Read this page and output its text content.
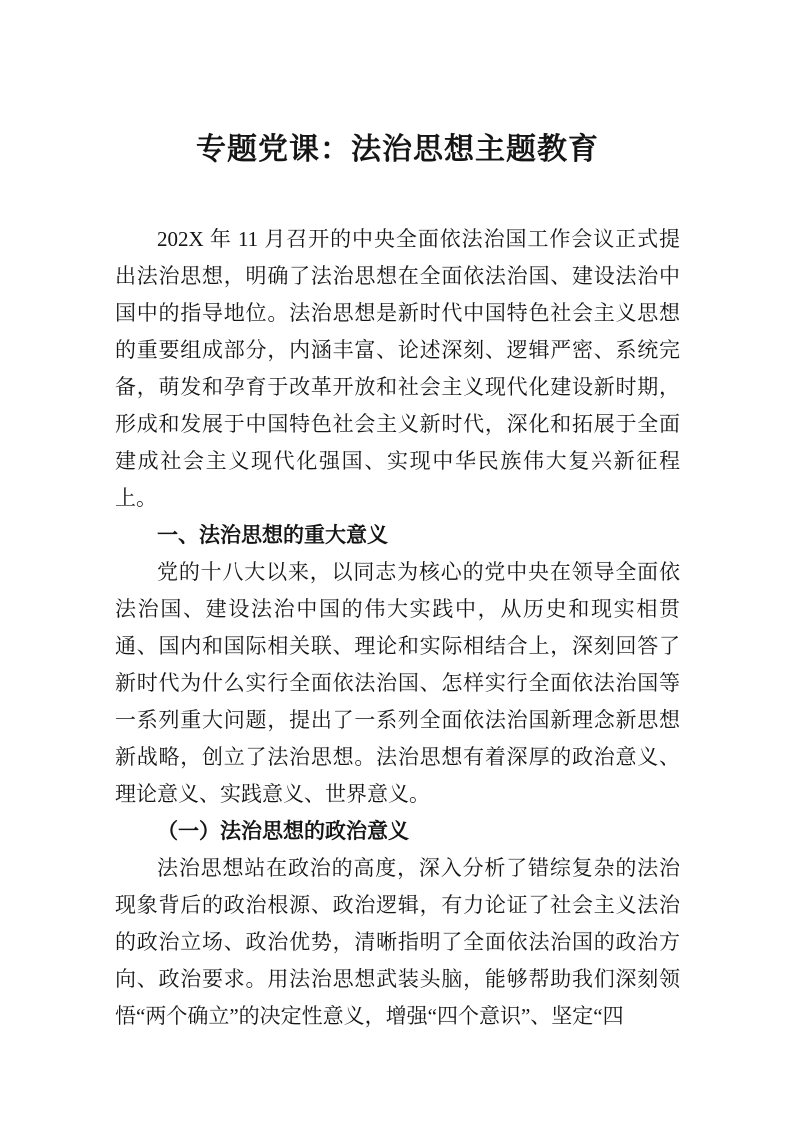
专题党课：法治思想主题教育

202X 年 11 月召开的中央全面依法治国工作会议正式提出法治思想，明确了法治思想在全面依法治国、建设法治中国中的指导地位。法治思想是新时代中国特色社会主义思想的重要组成部分，内涵丰富、论述深刻、逻辑严密、系统完备，萌发和孕育于改革开放和社会主义现代化建设新时期，形成和发展于中国特色社会主义新时代，深化和拓展于全面建成社会主义现代化强国、实现中华民族伟大复兴新征程上。

一、法治思想的重大意义

党的十八大以来，以同志为核心的党中央在领导全面依法治国、建设法治中国的伟大实践中，从历史和现实相贯通、国内和国际相关联、理论和实际相结合上，深刻回答了新时代为什么实行全面依法治国、怎样实行全面依法治国等一系列重大问题，提出了一系列全面依法治国新理念新思想新战略，创立了法治思想。法治思想有着深厚的政治意义、理论意义、实践意义、世界意义。

（一）法治思想的政治意义

法治思想站在政治的高度，深入分析了错综复杂的法治现象背后的政治根源、政治逻辑，有力论证了社会主义法治的政治立场、政治优势，清晰指明了全面依法治国的政治方向、政治要求。用法治思想武装头脑，能够帮助我们深刻领悟“两个确立”的决定性意义，增强“四个意识”、坚定“四
